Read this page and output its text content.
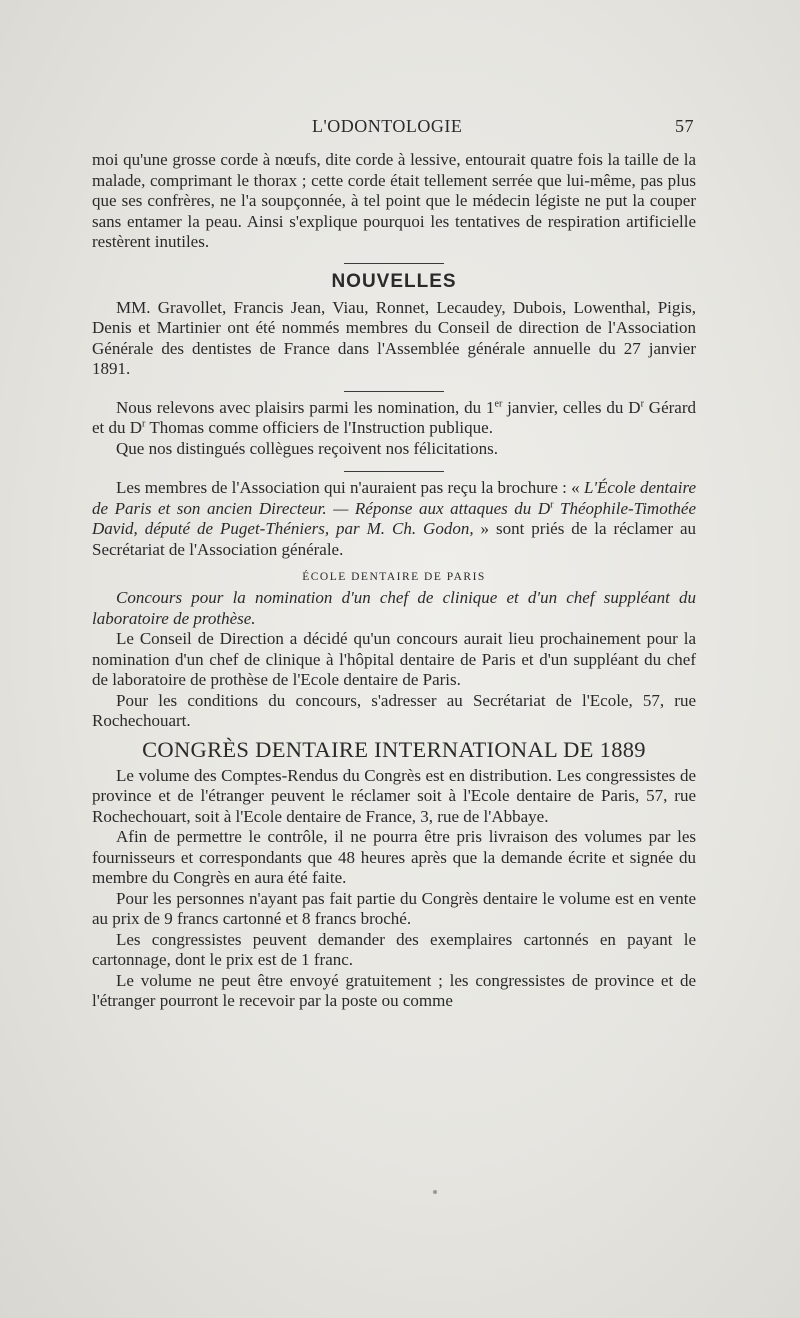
L'ODONTOLOGIE	57

moi qu'une grosse corde à nœufs, dite corde à lessive, entourait quatre fois la taille de la malade, comprimant le thorax ; cette corde était tellement serrée que lui-même, pas plus que ses confrères, ne l'a soupçonnée, à tel point que le médecin légiste ne put la couper sans entamer la peau. Ainsi s'explique pourquoi les tentatives de respiration artificielle restèrent inutiles.

NOUVELLES

MM. Gravollet, Francis Jean, Viau, Ronnet, Lecaudey, Dubois, Lowenthal, Pigis, Denis et Martinier ont été nommés membres du Conseil de direction de l'Association Générale des dentistes de France dans l'Assemblée générale annuelle du 27 janvier 1891.

Nous relevons avec plaisirs parmi les nomination, du 1er janvier, celles du $D^r$ Gérard et du $D^r$ Thomas comme officiers de l'Instruction publique.

Que nos distingués collègues reçoivent nos félicitations.

Les membres de l'Association qui n'auraient pas reçu la brochure : « L'École dentaire de Paris et son ancien Directeur. — Réponse aux attaques du $D^r$ Théophile-Timothée David, député de Puget-Théniers, par M. Ch. Godon, » sont priés de la réclamer au Secrétariat de l'Association générale.

ÉCOLE DENTAIRE DE PARIS

Concours pour la nomination d'un chef de clinique et d'un chef suppléant du laboratoire de prothèse.

Le Conseil de Direction a décidé qu'un concours aurait lieu prochainement pour la nomination d'un chef de clinique à l'hôpital dentaire de Paris et d'un suppléant du chef de laboratoire de prothèse de l'Ecole dentaire de Paris.

Pour les conditions du concours, s'adresser au Secrétariat de l'Ecole, 57, rue Rochechouart.

CONGRÈS DENTAIRE INTERNATIONAL DE 1889

Le volume des Comptes-Rendus du Congrès est en distribution. Les congressistes de province et de l'étranger peuvent le réclamer soit à l'Ecole dentaire de Paris, 57, rue Rochechouart, soit à l'Ecole dentaire de France, 3, rue de l'Abbaye.

Afin de permettre le contrôle, il ne pourra être pris livraison des volumes par les fournisseurs et correspondants que 48 heures après que la demande écrite et signée du membre du Congrès en aura été faite.

Pour les personnes n'ayant pas fait partie du Congrès dentaire le volume est en vente au prix de 9 francs cartonné et 8 francs broché.

Les congressistes peuvent demander des exemplaires cartonnés en payant le cartonnage, dont le prix est de 1 franc.

Le volume ne peut être envoyé gratuitement ; les congressistes de province et de l'étranger pourront le recevoir par la poste ou comme
